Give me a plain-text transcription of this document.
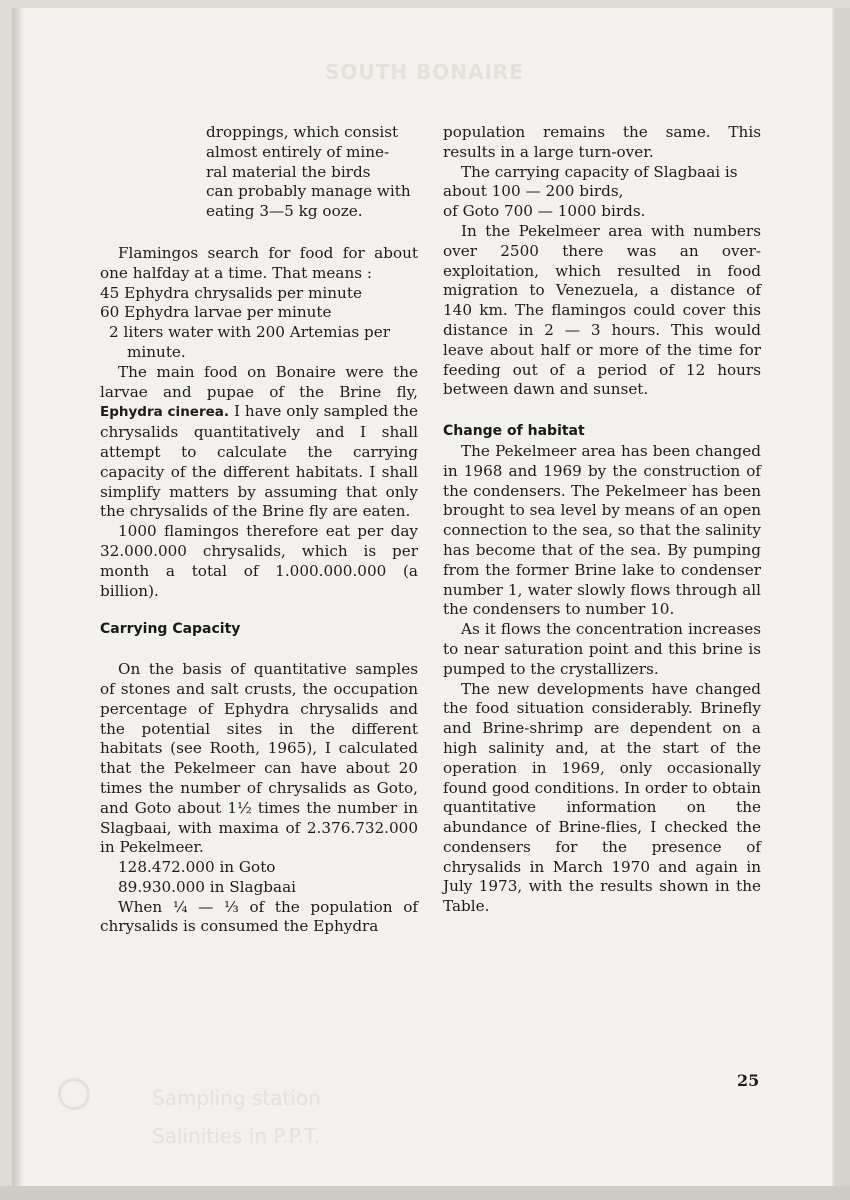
SOUTH BONAIRE
Sampling station
Salinities in P.P.T.
droppings, which consist
almost entirely of mine-
ral material the birds
can probably manage with
eating 3—5 kg ooze.

Flamingos search for food for about one halfday at a time. That means :

45 Ephydra chrysalids per minute
60 Ephydra larvae per minute
2 liters water with 200 Artemias per minute.

The main food on Bonaire were the larvae and pupae of the Brine fly, Ephydra cinerea. I have only sampled the chrysalids quantitatively and I shall attempt to calculate the carrying capacity of the different habitats. I shall simplify matters by assuming that only the chrysalids of the Brine fly are eaten.

1000 flamingos therefore eat per day 32.000.000 chrysalids, which is per month a total of 1.000.000.000 (a billion).

Carrying Capacity

On the basis of quantitative samples of stones and salt crusts, the occupation percentage of Ephydra chrysalids and the potential sites in the different habitats (see Rooth, 1965), I calculated that the Pekelmeer can have about 20 times the number of chrysalids as Goto, and Goto about 1½ times the number in Slagbaai, with maxima of 2.376.732.000 in Pekelmeer.

128.472.000 in Goto
89.930.000 in Slagbaai

When ¼ — ⅓ of the population of chrysalids is consumed the Ephydra

population remains the same. This results in a large turn-over.

The carrying capacity of Slagbaai is about 100 — 200 birds,

of Goto 700 — 1000 birds.

In the Pekelmeer area with numbers over 2500 there was an over-exploitation, which resulted in food migration to Venezuela, a distance of 140 km. The flamingos could cover this distance in 2 — 3 hours. This would leave about half or more of the time for feeding out of a period of 12 hours between dawn and sunset.

Change of habitat

The Pekelmeer area has been changed in 1968 and 1969 by the construction of the condensers. The Pekelmeer has been brought to sea level by means of an open connection to the sea, so that the salinity has become that of the sea. By pumping from the former Brine lake to condenser number 1, water slowly flows through all the condensers to number 10.

As it flows the concentration increases to near saturation point and this brine is pumped to the crystallizers.

The new developments have changed the food situation considerably. Brinefly and Brine-shrimp are dependent on a high salinity and, at the start of the operation in 1969, only occasionally found good conditions. In order to obtain quantitative information on the abundance of Brine-flies, I checked the condensers for the presence of chrysalids in March 1970 and again in July 1973, with the results shown in the Table.

25
